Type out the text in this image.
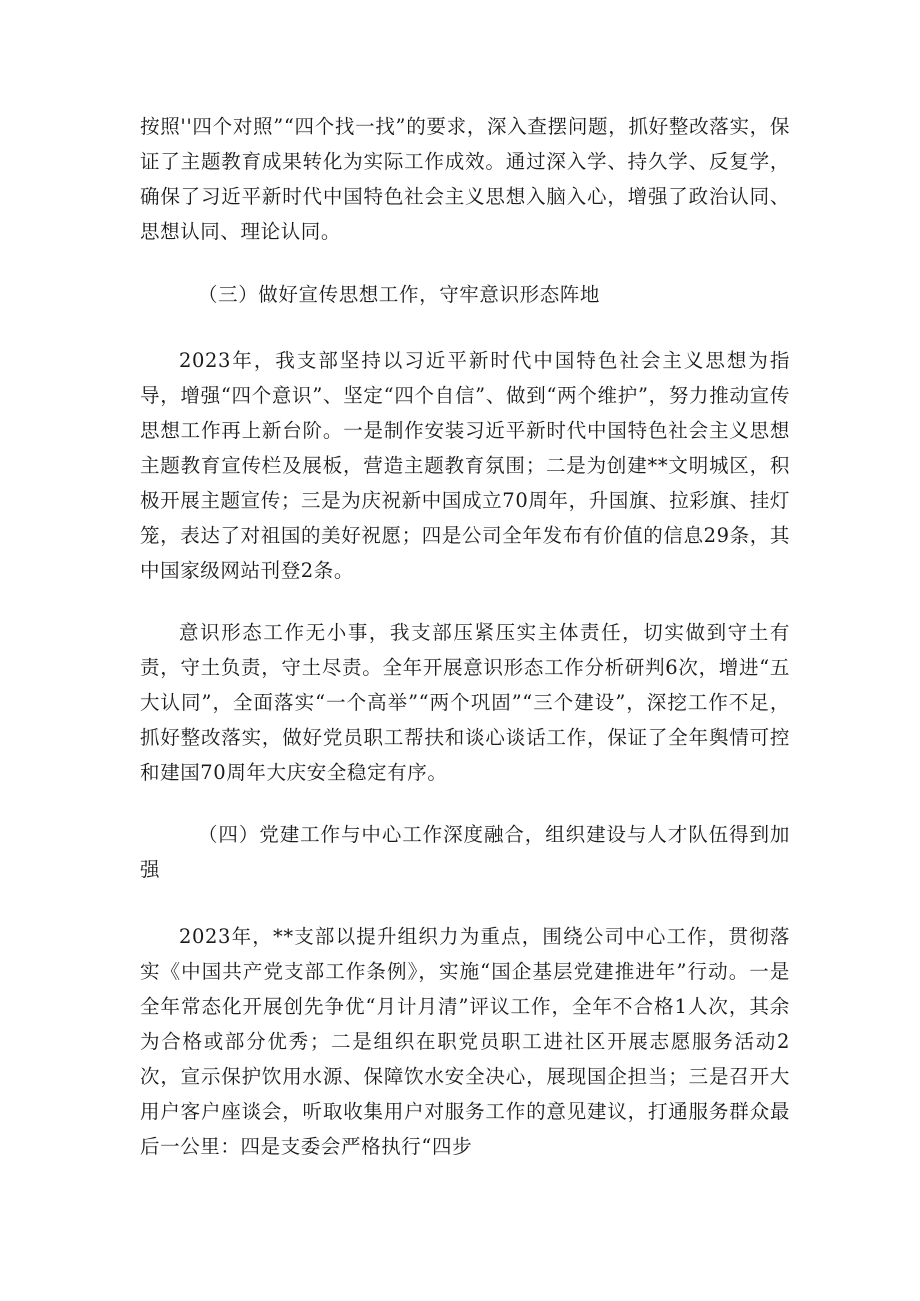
按照''四个对照”“四个找一找”的要求，深入查摆问题，抓好整改落实，保证了主题教育成果转化为实际工作成效。通过深入学、持久学、反复学，确保了习近平新时代中国特色社会主义思想入脑入心，增强了政治认同、思想认同、理论认同。

（三）做好宣传思想工作，守牢意识形态阵地

2023年，我支部坚持以习近平新时代中国特色社会主义思想为指导，增强“四个意识”、坚定“四个自信”、做到“两个维护”，努力推动宣传思想工作再上新台阶。一是制作安装习近平新时代中国特色社会主义思想主题教育宣传栏及展板，营造主题教育氛围；二是为创建**文明城区，积极开展主题宣传；三是为庆祝新中国成立70周年，升国旗、拉彩旗、挂灯笼，表达了对祖国的美好祝愿；四是公司全年发布有价值的信息29条，其中国家级网站刊登2条。

意识形态工作无小事，我支部压紧压实主体责任，切实做到守土有责，守土负责，守土尽责。全年开展意识形态工作分析研判6次，增进“五大认同”，全面落实“一个高举”“两个巩固”“三个建设”，深挖工作不足，抓好整改落实，做好党员职工帮扶和谈心谈话工作，保证了全年舆情可控和建国70周年大庆安全稳定有序。

（四）党建工作与中心工作深度融合，组织建设与人才队伍得到加强

2023年，**支部以提升组织力为重点，围绕公司中心工作，贯彻落实《中国共产党支部工作条例》，实施“国企基层党建推进年”行动。一是全年常态化开展创先争优“月计月清”评议工作，全年不合格1人次，其余为合格或部分优秀；二是组织在职党员职工进社区开展志愿服务活动2次，宣示保护饮用水源、保障饮水安全决心，展现国企担当；三是召开大用户客户座谈会，听取收集用户对服务工作的意见建议，打通服务群众最后一公里：四是支委会严格执行“四步
